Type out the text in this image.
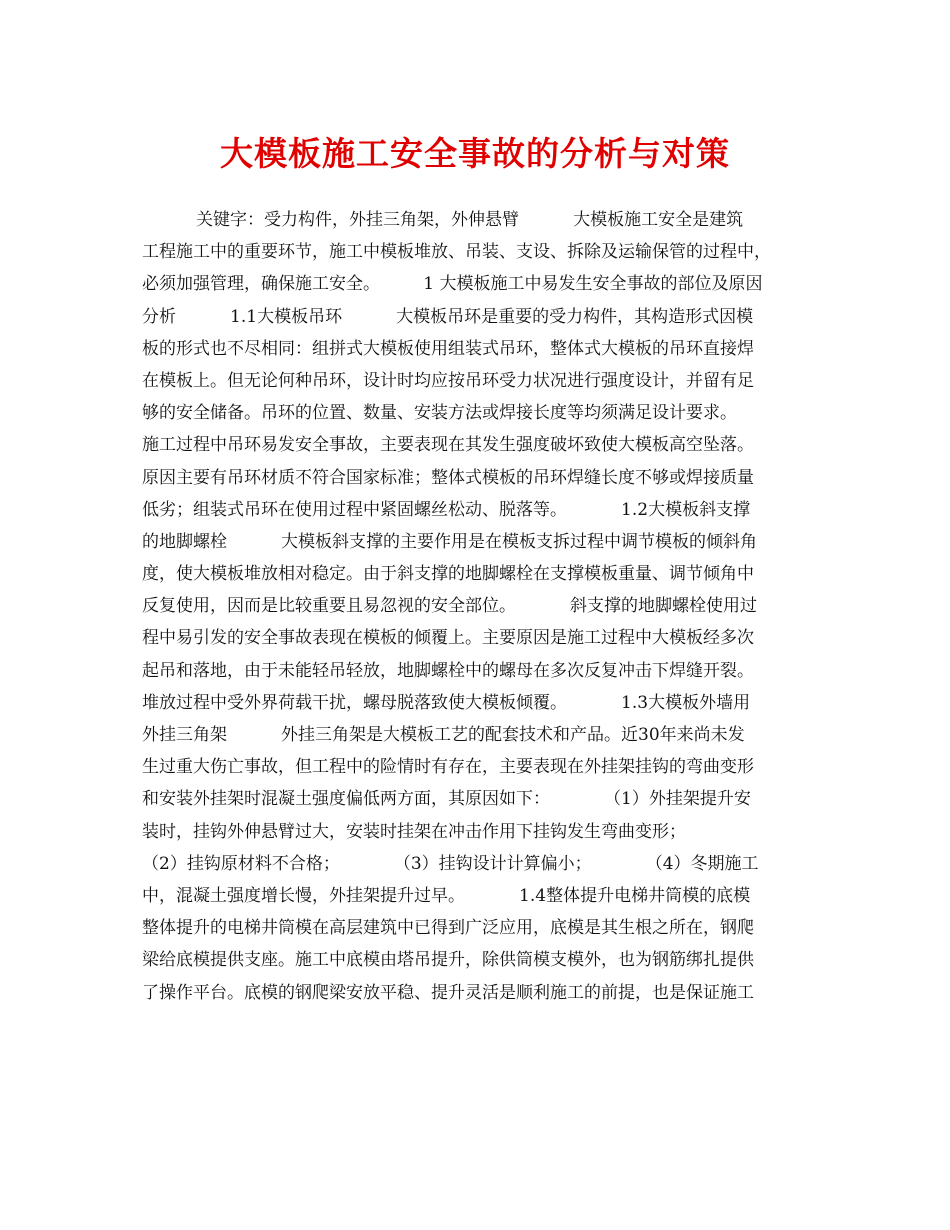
大模板施工安全事故的分析与对策
关键字：受力构件，外挂三角架，外伸悬臂          大模板施工安全是建筑
工程施工中的重要环节，施工中模板堆放、吊装、支设、拆除及运输保管的过程中，
必须加强管理，确保施工安全。        1 大模板施工中易发生安全事故的部位及原因
分析          1.1大模板吊环          大模板吊环是重要的受力构件，其构造形式因模
板的形式也不尽相同：组拼式大模板使用组装式吊环，整体式大模板的吊环直接焊
在模板上。但无论何种吊环，设计时均应按吊环受力状况进行强度设计，并留有足
够的安全储备。吊环的位置、数量、安装方法或焊接长度等均须满足设计要求。
施工过程中吊环易发安全事故，主要表现在其发生强度破坏致使大模板高空坠落。
原因主要有吊环材质不符合国家标准；整体式模板的吊环焊缝长度不够或焊接质量
低劣；组装式吊环在使用过程中紧固螺丝松动、脱落等。          1.2大模板斜支撑
的地脚螺栓          大模板斜支撑的主要作用是在模板支拆过程中调节模板的倾斜角
度，使大模板堆放相对稳定。由于斜支撑的地脚螺栓在支撑模板重量、调节倾角中
反复使用，因而是比较重要且易忽视的安全部位。          斜支撑的地脚螺栓使用过
程中易引发的安全事故表现在模板的倾覆上。主要原因是施工过程中大模板经多次
起吊和落地，由于未能轻吊轻放，地脚螺栓中的螺母在多次反复冲击下焊缝开裂。
堆放过程中受外界荷载干扰，螺母脱落致使大模板倾覆。          1.3大模板外墙用
外挂三角架          外挂三角架是大模板工艺的配套技术和产品。近30年来尚未发
生过重大伤亡事故，但工程中的险情时有存在，主要表现在外挂架挂钩的弯曲变形
和安装外挂架时混凝土强度偏低两方面，其原因如下：          （1）外挂架提升安
装时，挂钩外伸悬臂过大，安装时挂架在冲击作用下挂钩发生弯曲变形；
（2）挂钩原材料不合格；          （3）挂钩设计计算偏小；          （4）冬期施工
中，混凝土强度增长慢，外挂架提升过早。          1.4整体提升电梯井筒模的底模
整体提升的电梯井筒模在高层建筑中已得到广泛应用，底模是其生根之所在，钢爬
梁给底模提供支座。施工中底模由塔吊提升，除供筒模支模外，也为钢筋绑扎提供
了操作平台。底模的钢爬梁安放平稳、提升灵活是顺利施工的前提，也是保证施工
